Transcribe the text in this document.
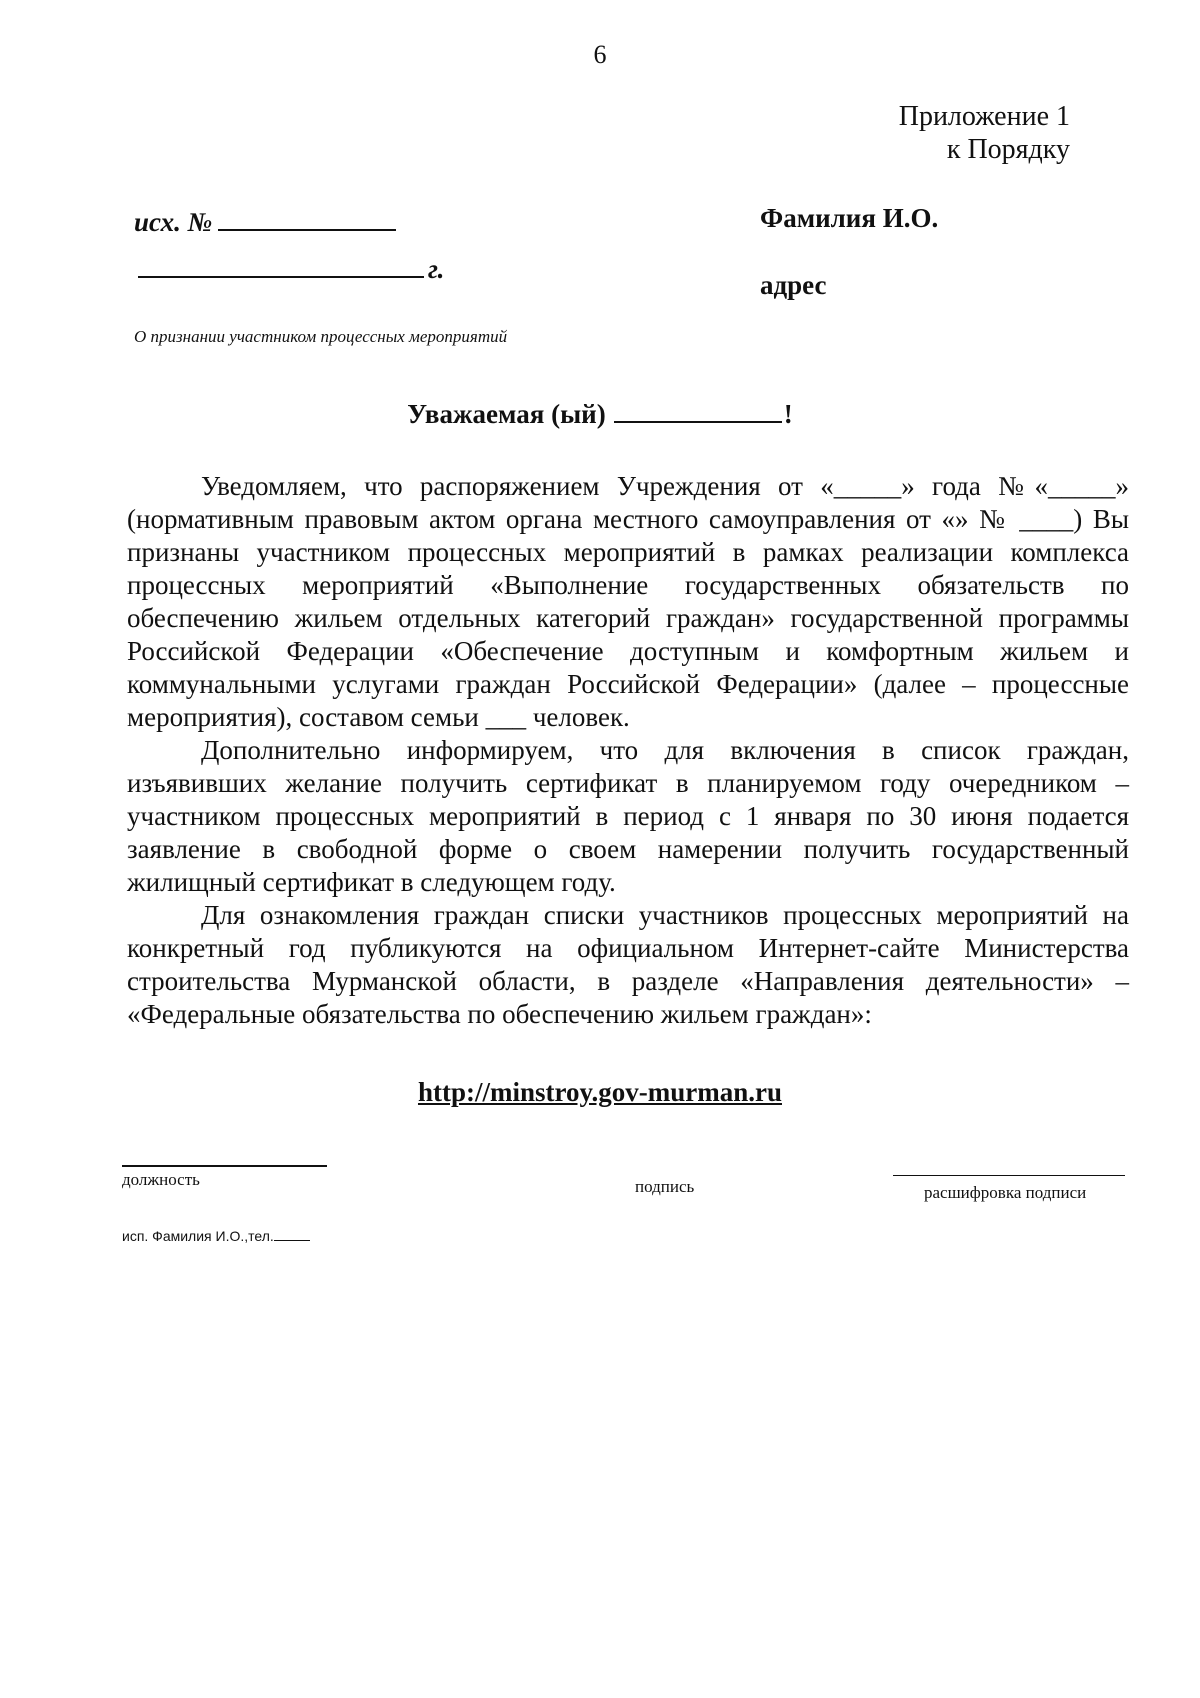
6
Приложение 1
к Порядку
исх. №
г.
Фамилия И.О.
адрес
О признании участником процессных мероприятий
Уважаемая (ый)	!

Уведомляем, что распоряжением Учреждения от «_____» года №«_____» (нормативным правовым актом органа местного самоуправления от «» № ____) Вы признаны участником процессных мероприятий в рамках реализации комплекса процессных мероприятий «Выполнение государственных обязательств по обеспечению жильем отдельных категорий граждан» государственной программы Российской Федерации «Обеспечение доступным и комфортным жильем и коммунальными услугами граждан Российской Федерации» (далее – процессные мероприятия), составом семьи ___ человек.

Дополнительно информируем, что для включения в список граждан, изъявивших желание получить сертификат в планируемом году очередником – участником процессных мероприятий в период с 1 января по 30 июня подается заявление в свободной форме о своем намерении получить государственный жилищный сертификат в следующем году.

Для ознакомления граждан списки участников процессных мероприятий на конкретный год публикуются на официальном Интернет-сайте Министерства строительства Мурманской области, в разделе «Направления деятельности» – «Федеральные обязательства по обеспечению жильем граждан»:

http://minstroy.gov-murman.ru
должность	подпись	расшифровка подписи
исп. Фамилия И.О.,тел.
